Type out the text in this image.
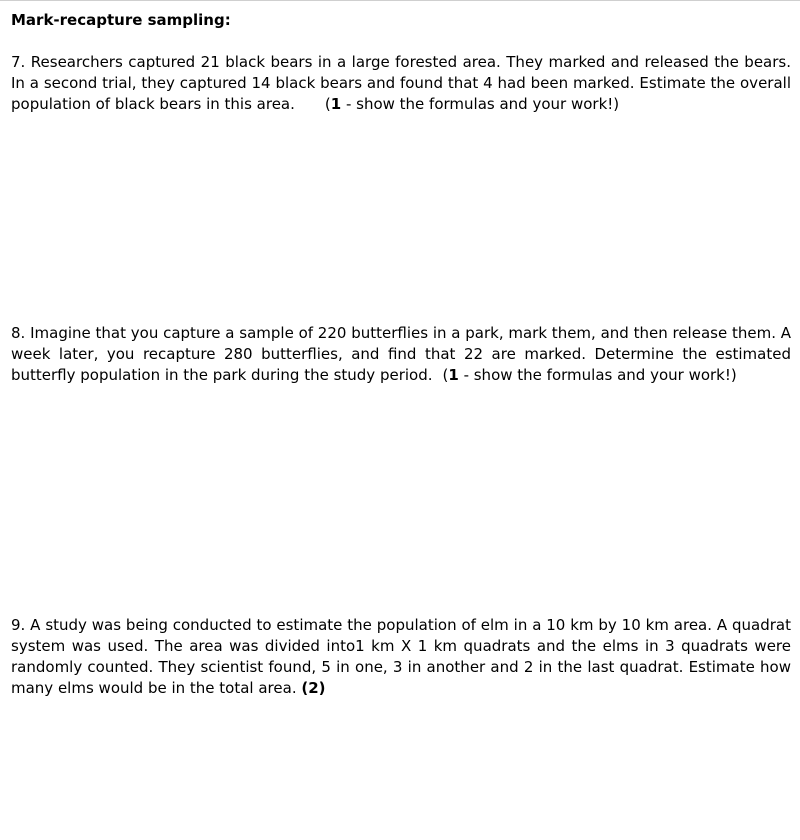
Mark-recapture sampling:

7. Researchers captured 21 black bears in a large forested area. They marked and released the bears. In a second trial, they captured 14 black bears and found that 4 had been marked. Estimate the overall population of black bears in this area. (1 - show the formulas and your work!)

8. Imagine that you capture a sample of 220 butterflies in a park, mark them, and then release them. A week later, you recapture 280 butterflies, and find that 22 are marked. Determine the estimated butterfly population in the park during the study period. (1 - show the formulas and your work!)

9. A study was being conducted to estimate the population of elm in a 10 km by 10 km area. A quadrat system was used. The area was divided into1 km X 1 km quadrats and the elms in 3 quadrats were randomly counted. They scientist found, 5 in one, 3 in another and 2 in the last quadrat. Estimate how many elms would be in the total area. (2)
